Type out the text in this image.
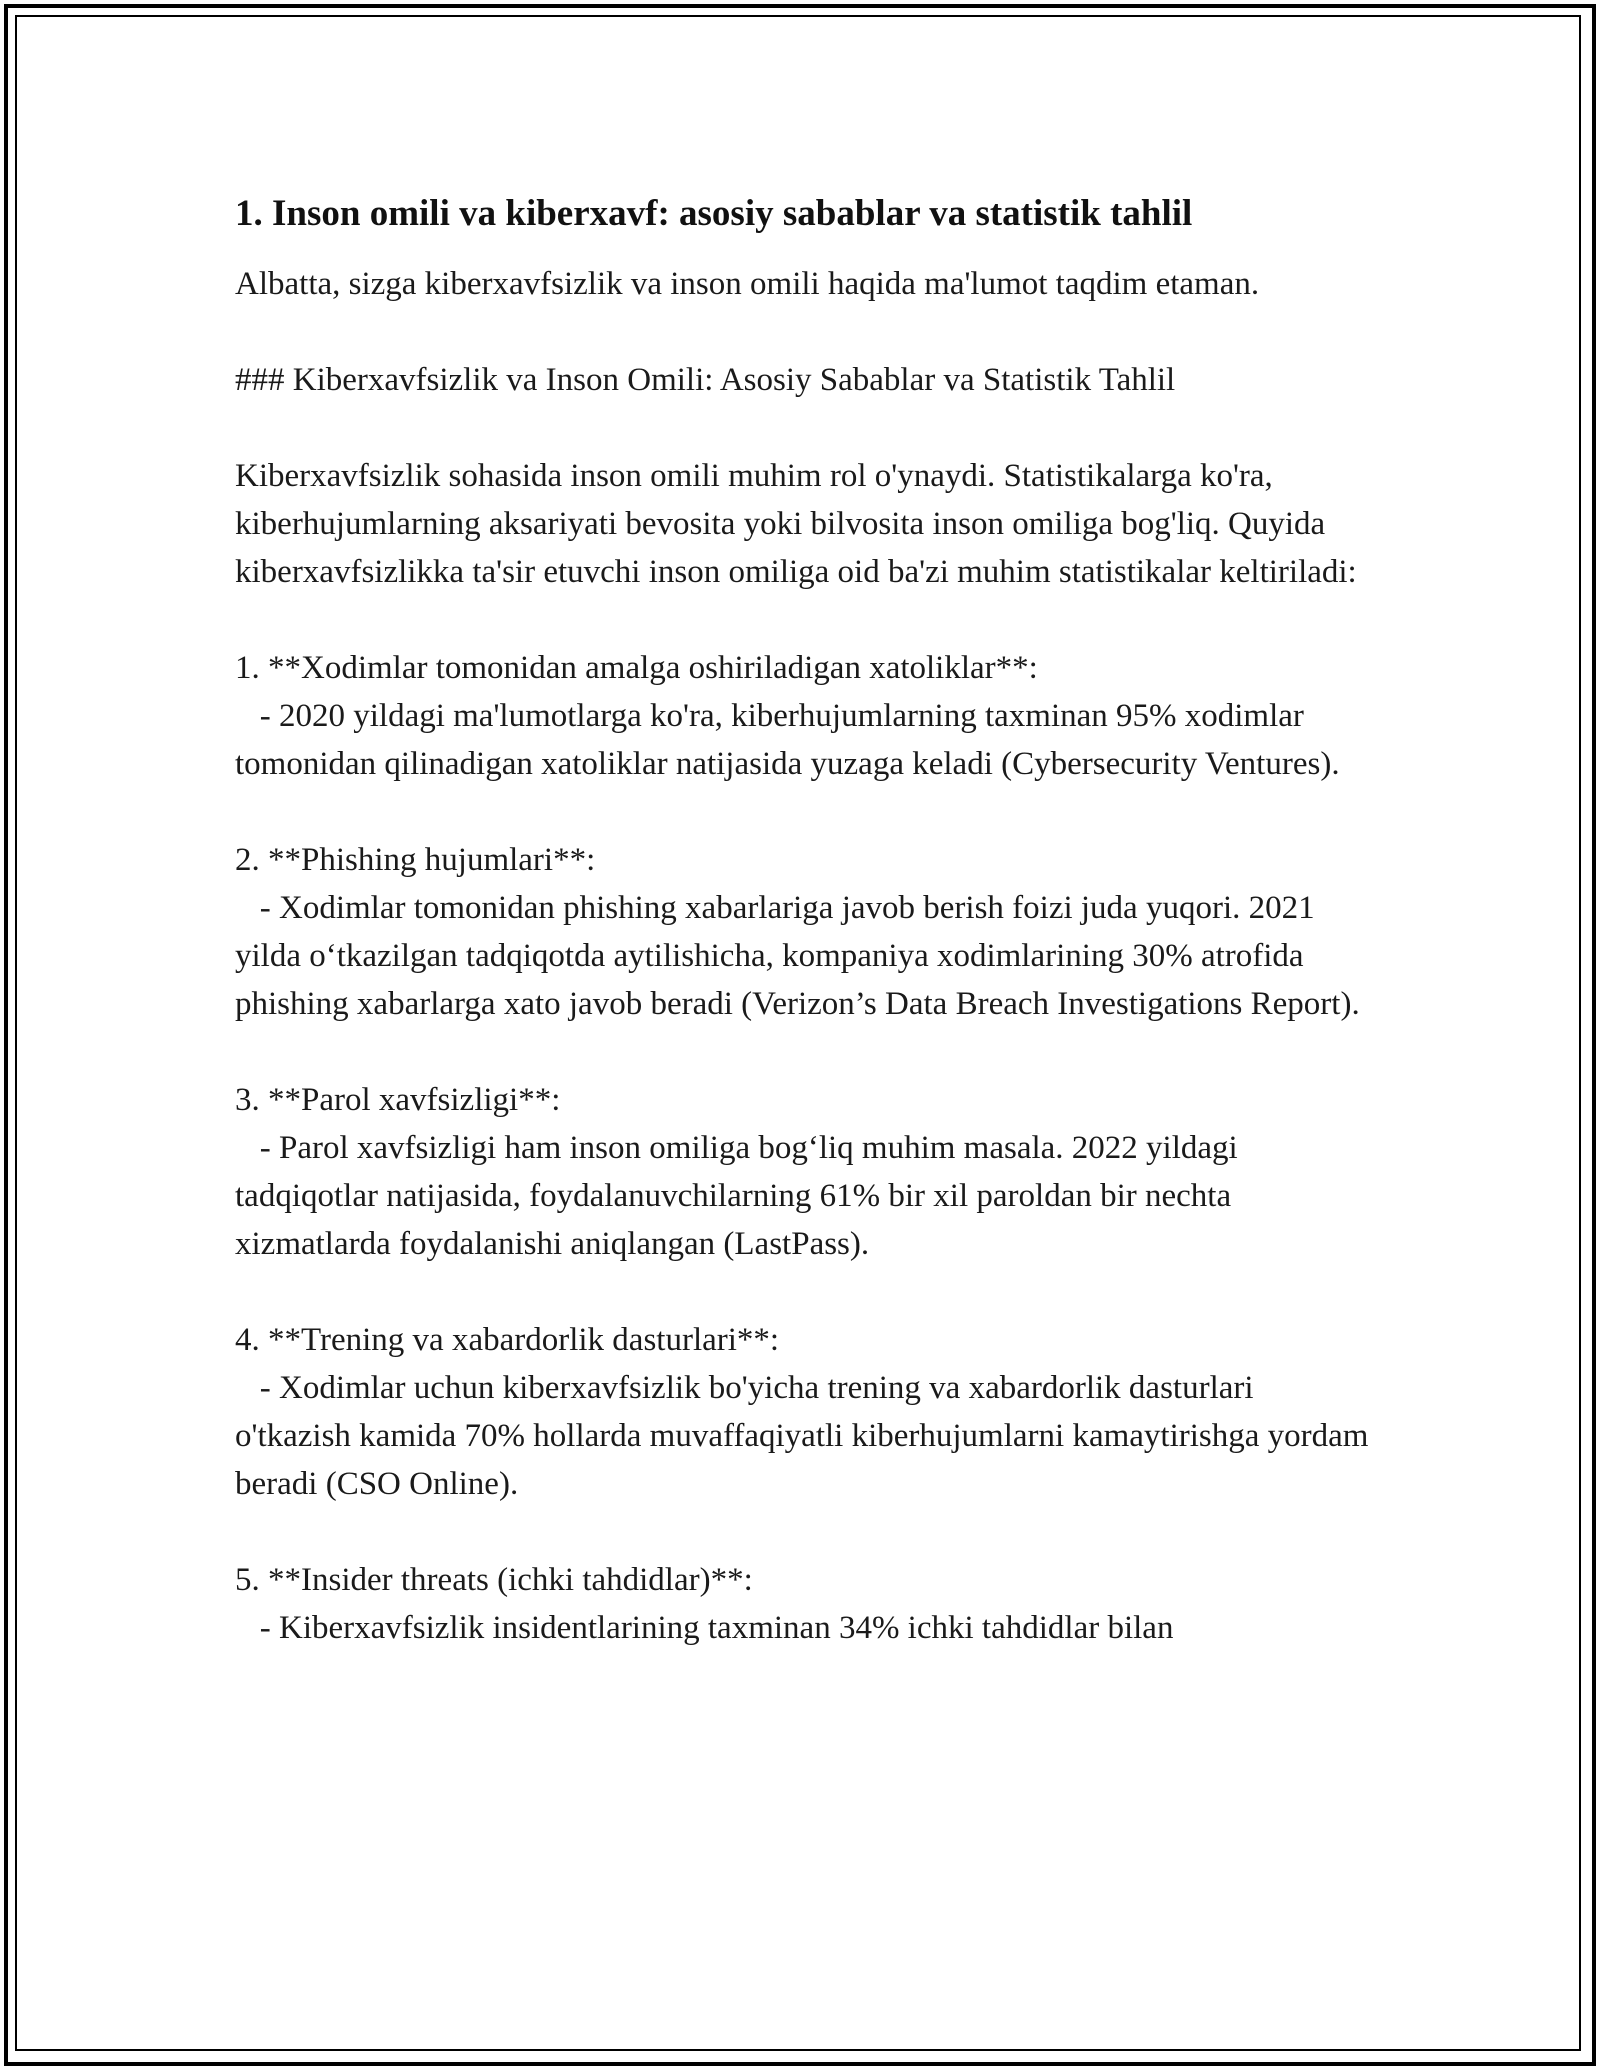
1. Inson omili va kiberxavf: asosiy sabablar va statistik tahlil

Albatta, sizga kiberxavfsizlik va inson omili haqida ma'lumot taqdim etaman.

### Kiberxavfsizlik va Inson Omili: Asosiy Sabablar va Statistik Tahlil

Kiberxavfsizlik sohasida inson omili muhim rol o'ynaydi. Statistikalarga ko'ra, kiberhujumlarning aksariyati bevosita yoki bilvosita inson omiliga bog'liq. Quyida kiberxavfsizlikka ta'sir etuvchi inson omiliga oid ba'zi muhim statistikalar keltiriladi:

1. **Xodimlar tomonidan amalga oshiriladigan xatoliklar**:

- 2020 yildagi ma'lumotlarga ko'ra, kiberhujumlarning taxminan 95% xodimlar tomonidan qilinadigan xatoliklar natijasida yuzaga keladi (Cybersecurity Ventures).

2. **Phishing hujumlari**:

- Xodimlar tomonidan phishing xabarlariga javob berish foizi juda yuqori. 2021 yilda o‘tkazilgan tadqiqotda aytilishicha, kompaniya xodimlarining 30% atrofida phishing xabarlarga xato javob beradi (Verizon’s Data Breach Investigations Report).

3. **Parol xavfsizligi**:

- Parol xavfsizligi ham inson omiliga bog‘liq muhim masala. 2022 yildagi tadqiqotlar natijasida, foydalanuvchilarning 61% bir xil paroldan bir nechta xizmatlarda foydalanishi aniqlangan (LastPass).

4. **Trening va xabardorlik dasturlari**:

- Xodimlar uchun kiberxavfsizlik bo'yicha trening va xabardorlik dasturlari o'tkazish kamida 70% hollarda muvaffaqiyatli kiberhujumlarni kamaytirishga yordam beradi (CSO Online).

5. **Insider threats (ichki tahdidlar)**:

- Kiberxavfsizlik insidentlarining taxminan 34% ichki tahdidlar bilan
